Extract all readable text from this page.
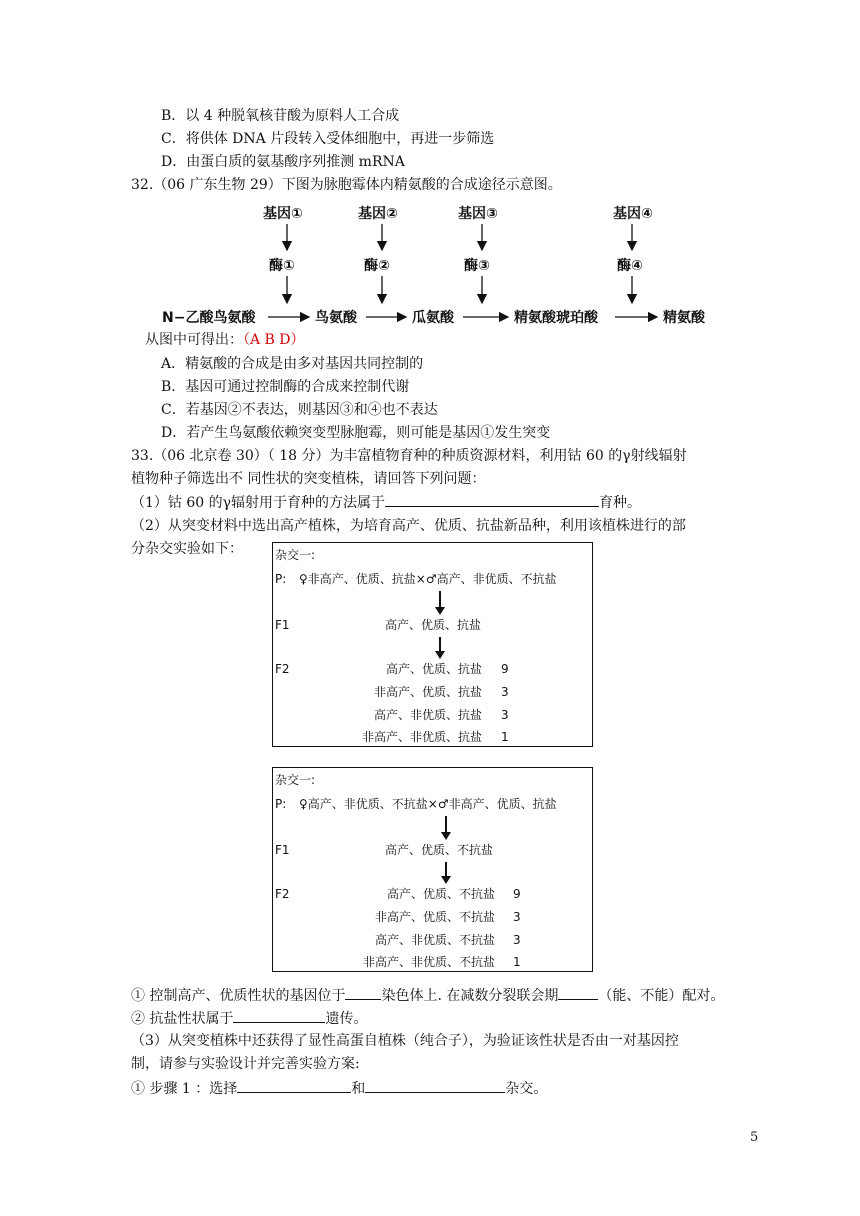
B．以 4 种脱氧核苷酸为原料人工合成
C．将供体 DNA 片段转入受体细胞中，再进一步筛选
D．由蛋白质的氨基酸序列推测 mRNA
32.（06 广东生物 29）下图为脉胞霉体内精氨酸的合成途径示意图。
基因①	基因②	基因③	基因④
酶①	酶②	酶③	酶④
N−乙酸鸟氨酸	鸟氨酸	瓜氨酸	精氨酸琥珀酸	精氨酸
从图中可得出：（A B D）
A．精氨酸的合成是由多对基因共同控制的
B．基因可通过控制酶的合成来控制代谢
C．若基因②不表达，则基因③和④也不表达
D．若产生鸟氨酸依赖突变型脉胞霉，则可能是基因①发生突变
33.（06 北京卷 30）（ 18 分）为丰富植物育种的种质资源材料，利用钴 60 的γ射线辐射
植物种子筛选出不 同性状的突变植株，请回答下列问题：
（1）钴 60 的γ辐射用于育种的方法属于	育种。
（2）从突变材料中选出高产植株，为培育高产、优质、抗盐新品种，利用该植株进行的部
分杂交实验如下：	杂交一:
P: ♀非高产、优质、抗盐×♂高产、非优质、不抗盐
F1	高产、优质、抗盐
F2	高产、优质、抗盐 9
非高产、优质、抗盐 3
高产、非优质、抗盐 3
非高产、非优质、抗盐 1
杂交一:
P: ♀高产、非优质、不抗盐×♂非高产、优质、抗盐
F1	高产、优质、不抗盐
F2	高产、优质、不抗盐 9
非高产、优质、不抗盐 3
高产、非优质、不抗盐 3
非高产、非优质、不抗盐 1
① 控制高产、优质性状的基因位于	染色体上. 在减数分裂联会期	（能、不能）配对。
② 抗盐性状属于	遗传。
（3）从突变植株中还获得了显性高蛋自植株（纯合子），为验证该性状是否由一对基因控
制，请参与实验设计并完善实验方案:
① 步骤 1 ：选择	和	杂交。
5
